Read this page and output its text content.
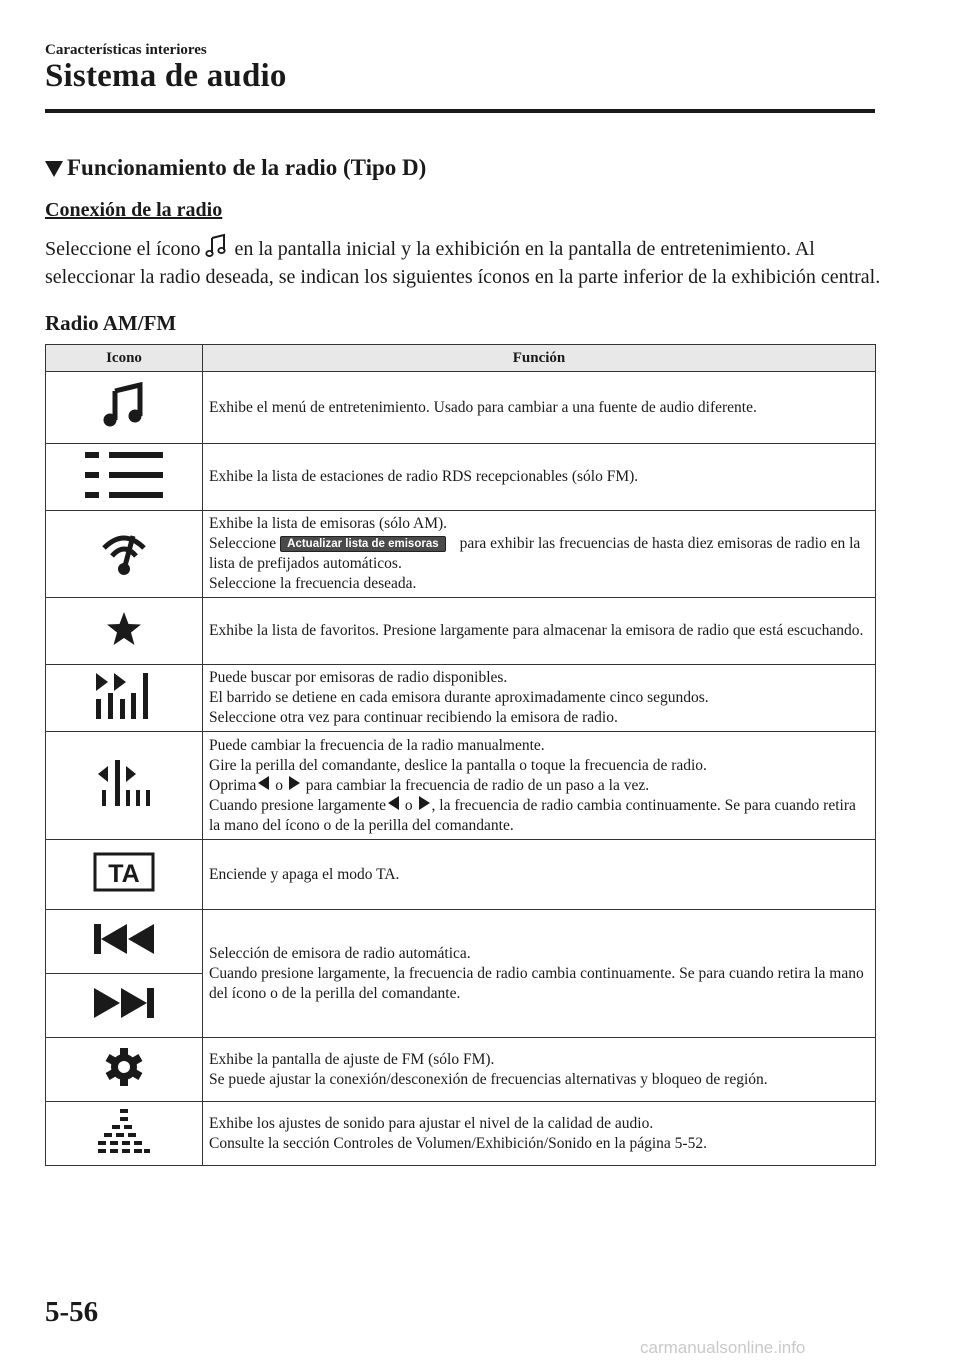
Características interiores
Sistema de audio
Funcionamiento de la radio (Tipo D)
Conexión de la radio
Seleccione el ícono en la pantalla inicial y la exhibición en la pantalla de entretenimiento. Al seleccionar la radio deseada, se indican los siguientes íconos en la parte inferior de la exhibición central.
Radio AM/FM
Icono	Función

Exhibe el menú de entretenimiento. Usado para cambiar a una fuente de audio diferente.

Exhibe la lista de estaciones de radio RDS recepcionables (sólo FM).

Exhibe la lista de emisoras (sólo AM).
Seleccione Actualizar lista de emisoras para exhibir las frecuencias de hasta diez emisoras de radio en la lista de prefijados automáticos.
Seleccione la frecuencia deseada.

Exhibe la lista de favoritos. Presione largamente para almacenar la emisora de radio que está escuchando.

Puede buscar por emisoras de radio disponibles.
El barrido se detiene en cada emisora durante aproximadamente cinco segundos.
Seleccione otra vez para continuar recibiendo la emisora de radio.

Puede cambiar la frecuencia de la radio manualmente.
Gire la perilla del comandante, deslice la pantalla o toque la frecuencia de radio.
Oprima o para cambiar la frecuencia de radio de un paso a la vez.
Cuando presione largamente o , la frecuencia de radio cambia continuamente. Se para cuando retira la mano del ícono o de la perilla del comandante.

TA	Enciende y apaga el modo TA.

Selección de emisora de radio automática.
Cuando presione largamente, la frecuencia de radio cambia continuamente. Se para cuando retira la mano del ícono o de la perilla del comandante.

Exhibe la pantalla de ajuste de FM (sólo FM).
Se puede ajustar la conexión/desconexión de frecuencias alternativas y bloqueo de región.

Exhibe los ajustes de sonido para ajustar el nivel de la calidad de audio.
Consulte la sección Controles de Volumen/Exhibición/Sonido en la página 5-52.
5-56
carmanualsonline.info
